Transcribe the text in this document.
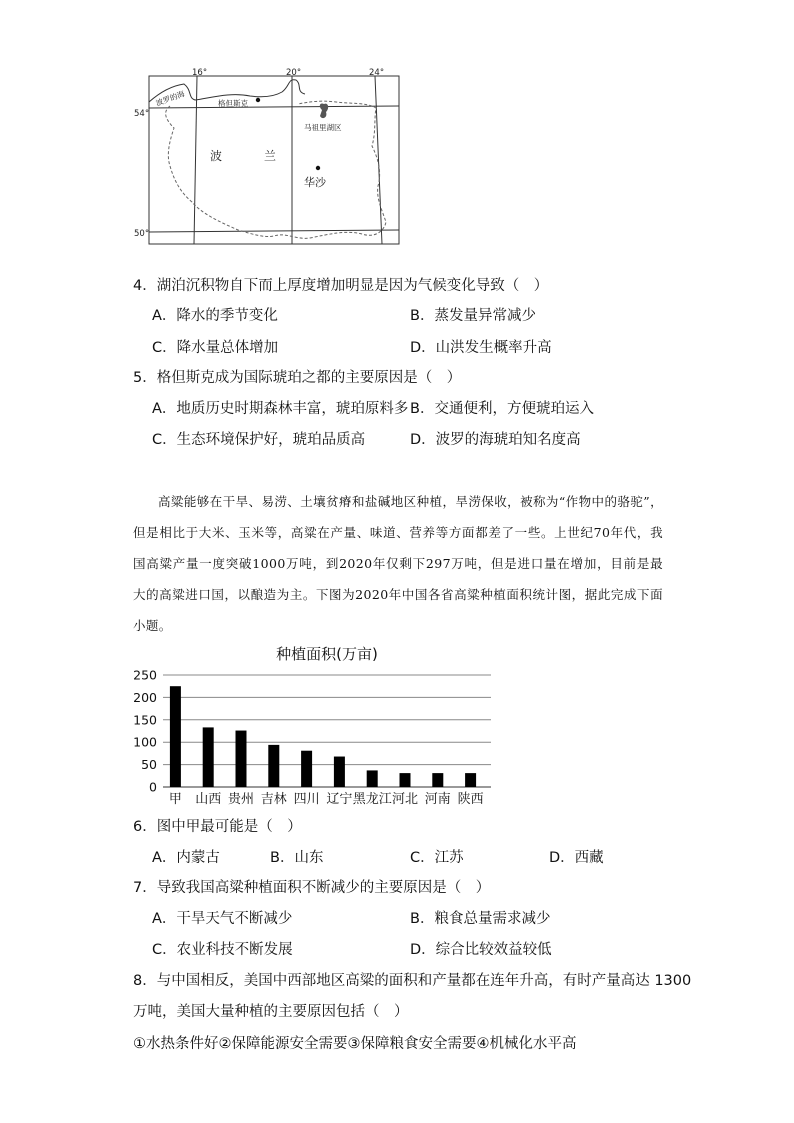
16°	20°	24°
54°
50°
波罗的海	格但斯克
马祖里湖区
波	兰
华沙
4．湖泊沉积物自下而上厚度增加明显是因为气候变化导致（　）
A．降水的季节变化	B．蒸发量异常减少
C．降水量总体增加	D．山洪发生概率升高
5．格但斯克成为国际琥珀之都的主要原因是（　）
A．地质历史时期森林丰富，琥珀原料多 B．交通便利，方便琥珀运入
C．生态环境保护好，琥珀品质高	D．波罗的海琥珀知名度高

高粱能够在干旱、易涝、土壤贫瘠和盐碱地区种植，旱涝保收，被称为“作物中的骆驼”，但是相比于大米、玉米等，高粱在产量、味道、营养等方面都差了一些。上世纪70年代，我国高粱产量一度突破1000万吨，到2020年仅剩下297万吨，但是进口量在增加，目前是最大的高粱进口国，以酿造为主。下图为2020年中国各省高粱种植面积统计图，据此完成下面小题。

种植面积(万亩)
0
50
100
150
200
250
甲 山西 贵州 吉林 四川 辽宁 黑龙江 河北 河南 陕西
6．图中甲最可能是（　）
A．内蒙古	B．山东	C．江苏	D．西藏
7．导致我国高粱种植面积不断减少的主要原因是（　）
A．干旱天气不断减少	B．粮食总量需求减少
C．农业科技不断发展	D．综合比较效益较低
8．与中国相反，美国中西部地区高粱的面积和产量都在连年升高，有时产量高达 1300
万吨，美国大量种植的主要原因包括（　）
①水热条件好②保障能源安全需要③保障粮食安全需要④机械化水平高
